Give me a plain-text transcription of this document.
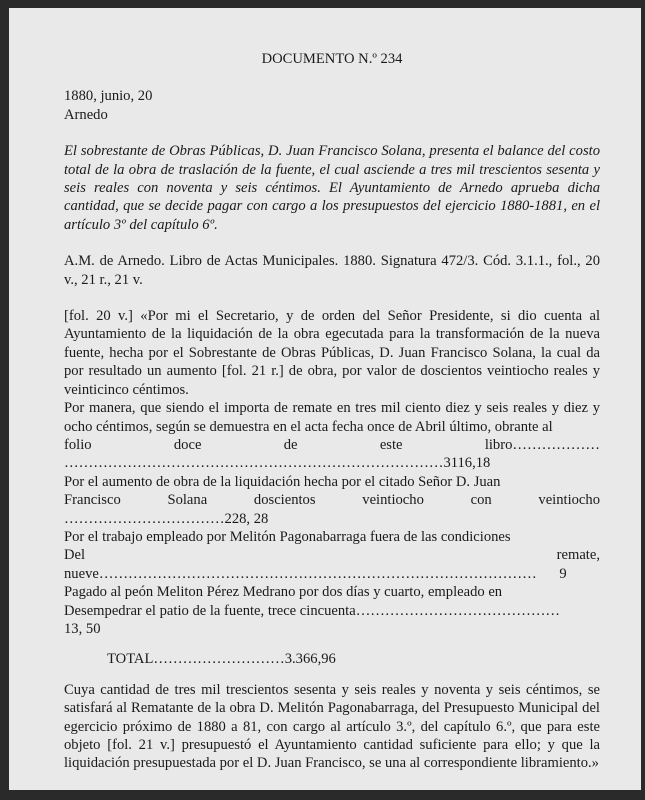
DOCUMENTO N.º 234
1880, junio, 20
Arnedo
El sobrestante de Obras Públicas, D. Juan Francisco Solana, presenta el balance del costo total de la obra de traslación de la fuente, el cual asciende a tres mil trescientos sesenta y seis reales con noventa y seis céntimos. El Ayuntamiento de Arnedo aprueba dicha cantidad, que se decide pagar con cargo a los presupuestos del ejercicio 1880-1881, en el artículo 3º del capítulo 6º.
A.M. de Arnedo. Libro de Actas Municipales. 1880. Signatura 472/3. Cód. 3.1.1., fol., 20 v., 21 r., 21 v.
[fol. 20 v.] «Por mi el Secretario, y de orden del Señor Presidente, si dio cuenta al Ayuntamiento de la liquidación de la obra egecutada para la transformación de la nueva fuente, hecha por el Sobrestante de Obras Públicas, D. Juan Francisco Solana, la cual da por resultado un aumento [fol. 21 r.] de obra, por valor de doscientos veintiocho reales y veinticinco céntimos.
Por manera, que siendo el importa de remate en tres mil ciento diez y seis reales y diez y ocho céntimos, según se demuestra en el acta fecha once de Abril último, obrante al
folio	doce	de	este	libro………………
……………………………………………………………………3116,18
Por el aumento de obra de la liquidación hecha por el citado Señor D. Juan
Francisco	Solana	doscientos	veintiocho	con	veintiocho
……………………………228, 28
Por el trabajo empleado por Melitón Pagonabarraga fuera de las condiciones
Del	remate,
nueve……………………………………………………………………………… 9
Pagado al peón Meliton Pérez Medrano por dos días y cuarto, empleado en
Desempedrar el patio de la fuente, trece cincuenta……………………………………
13, 50
TOTAL………………………3.366,96
Cuya cantidad de tres mil trescientos sesenta y seis reales y noventa y seis céntimos, se satisfará al Rematante de la obra D. Melitón Pagonabarraga, del Presupuesto Municipal del egercicio próximo de 1880 a 81, con cargo al artículo 3.º, del capítulo 6.º, que para este objeto [fol. 21 v.] presupuestó el Ayuntamiento cantidad suficiente para ello; y que la liquidación presupuestada por el D. Juan Francisco, se una al correspondiente libramiento.»
